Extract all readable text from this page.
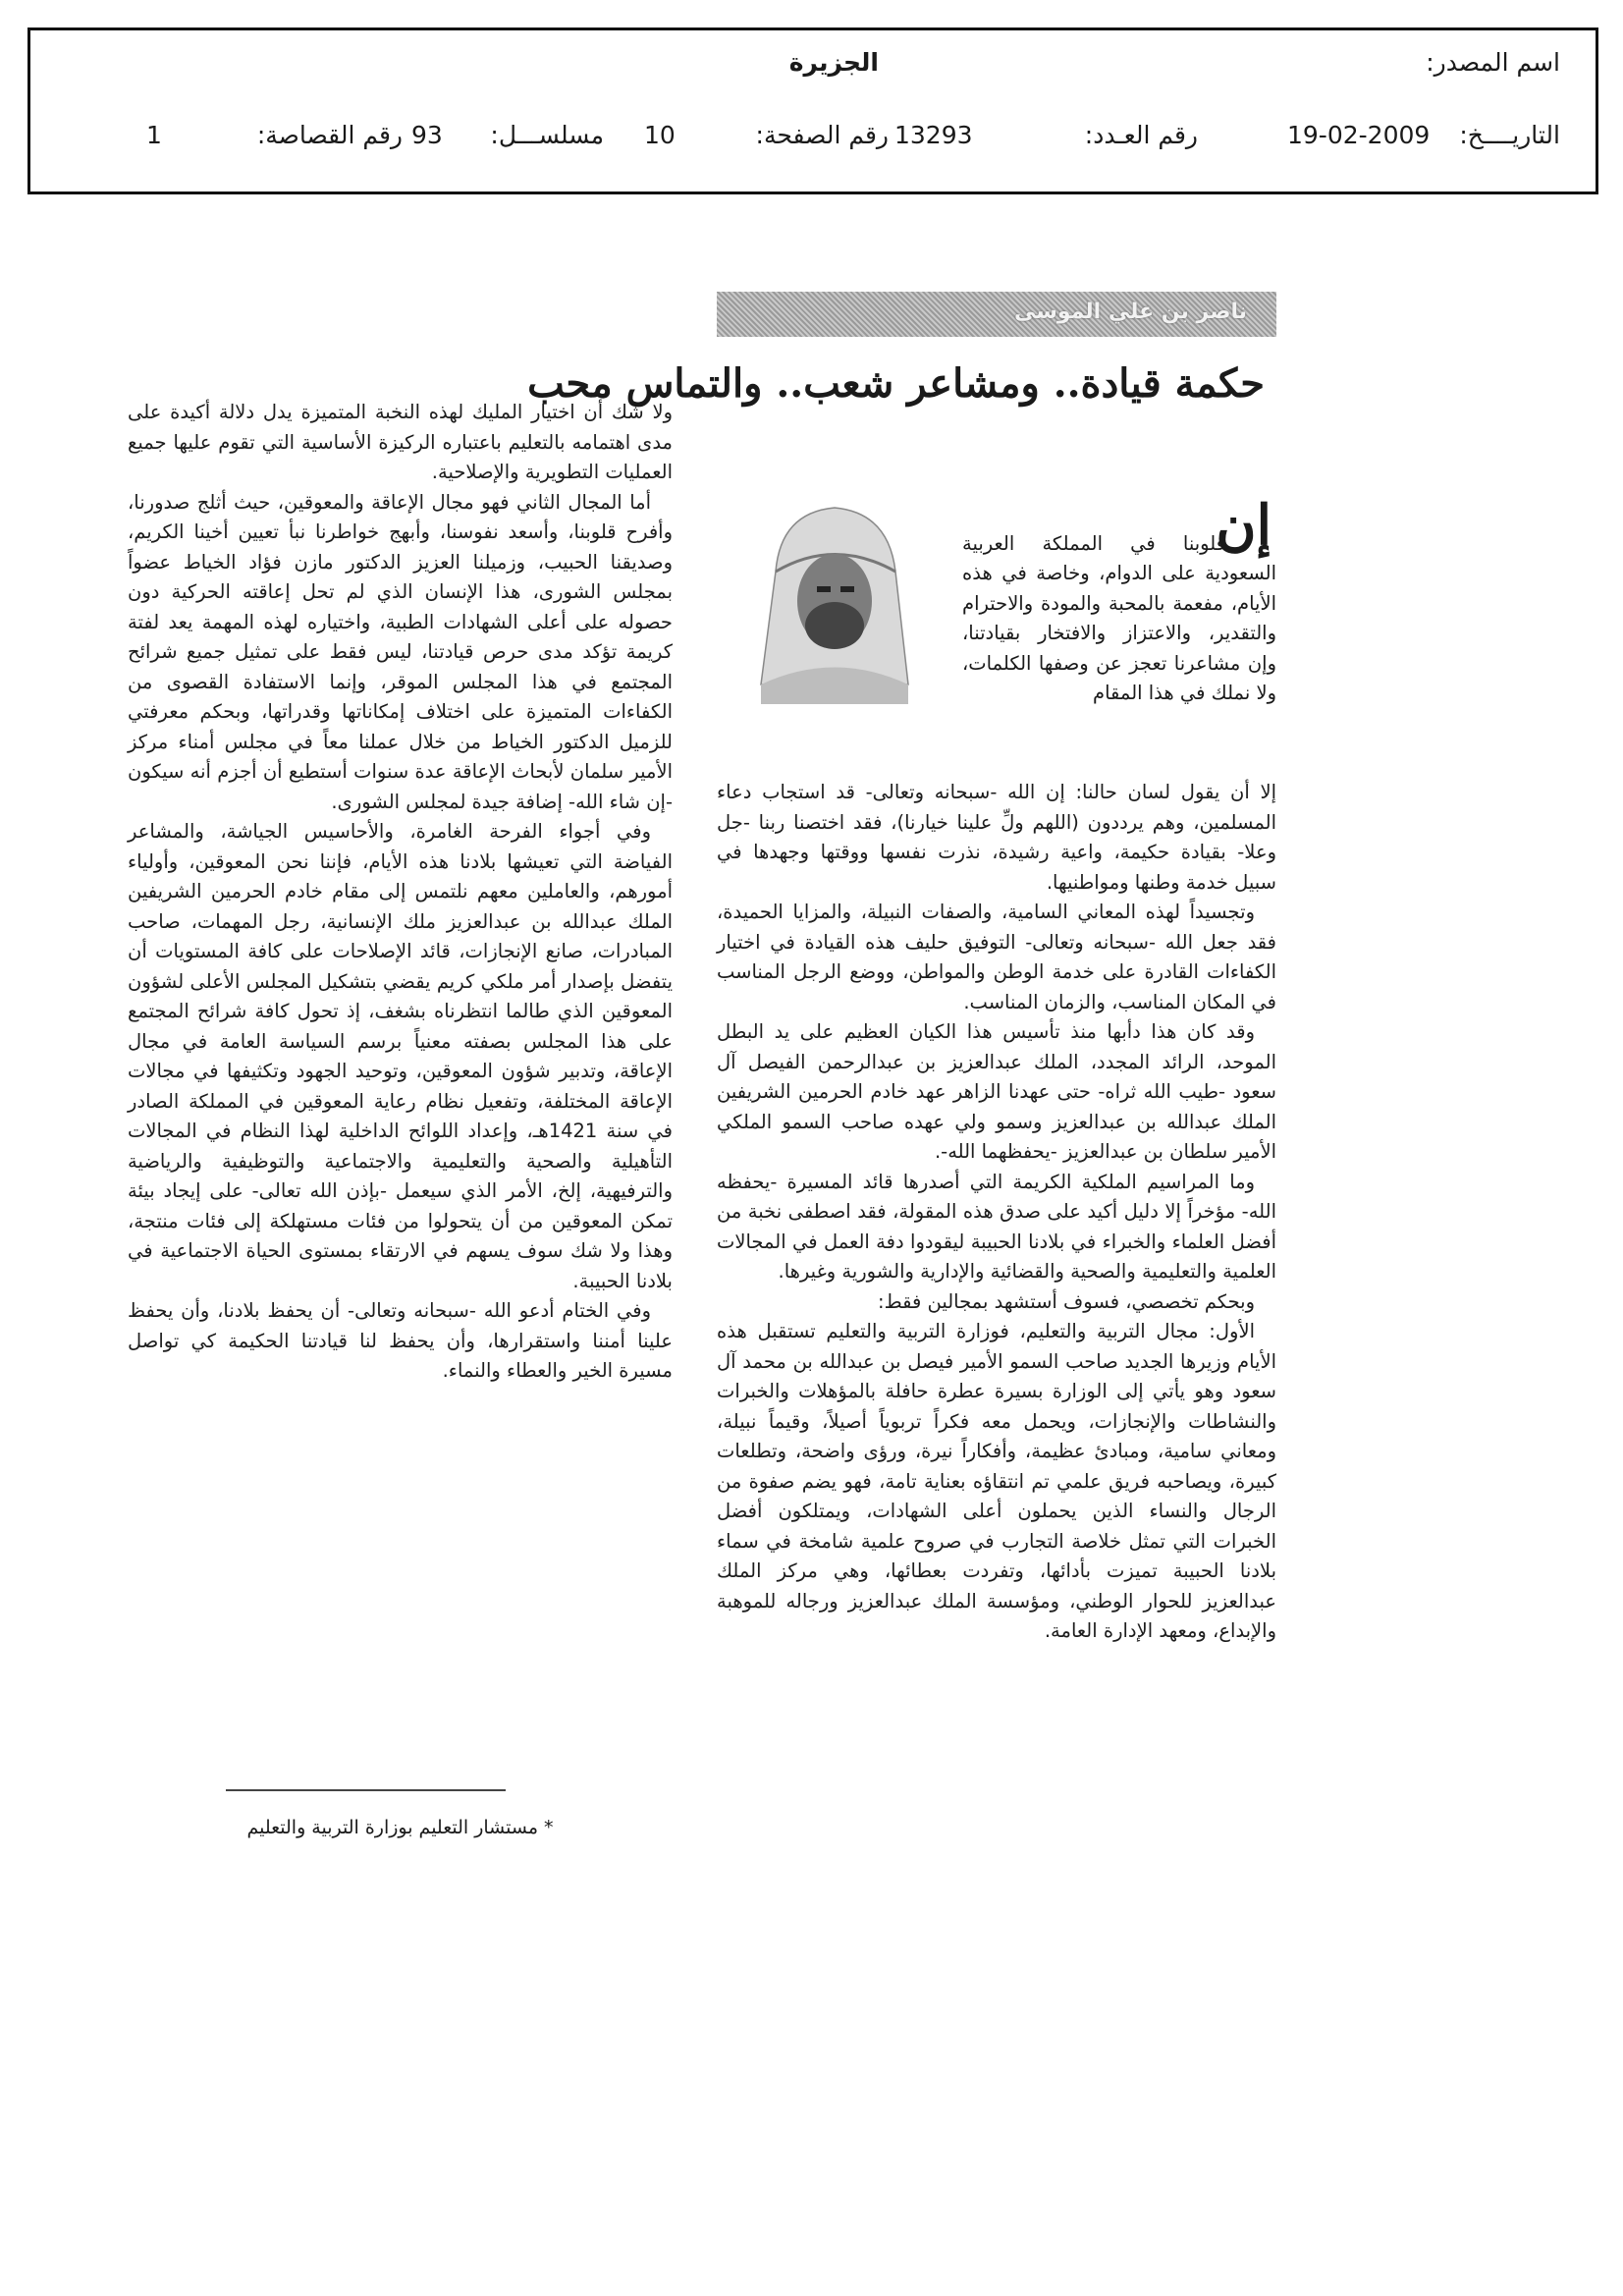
اسم المصدر:
الجزيرة
التاريــــخ:
19-02-2009
رقم العـدد:
13293
رقم الصفحة:
10
مسلســـل:
93
رقم القصاصة:
1
ناصر بن علي الموسى
حكمة قيادة.. ومشاعر شعب.. والتماس محب
إن

قلوبنا في المملكة العربية السعودية على الدوام، وخاصة في هذه الأيام، مفعمة بالمحبة والمودة والاحترام والتقدير، والاعتزاز والافتخار بقيادتنا، وإن مشاعرنا تعجز عن وصفها الكلمات، ولا نملك في هذا المقام

إلا أن يقول لسان حالنا: إن الله -سبحانه وتعالى- قد استجاب دعاء المسلمين، وهم يرددون (اللهم ولِّ علينا خيارنا)، فقد اختصنا ربنا -جل وعلا- بقيادة حكيمة، واعية رشيدة، نذرت نفسها ووقتها وجهدها في سبيل خدمة وطنها ومواطنيها.

وتجسيداً لهذه المعاني السامية، والصفات النبيلة، والمزايا الحميدة، فقد جعل الله -سبحانه وتعالى- التوفيق حليف هذه القيادة في اختيار الكفاءات القادرة على خدمة الوطن والمواطن، ووضع الرجل المناسب في المكان المناسب، والزمان المناسب.

وقد كان هذا دأبها منذ تأسيس هذا الكيان العظيم على يد البطل الموحد، الرائد المجدد، الملك عبدالعزيز بن عبدالرحمن الفيصل آل سعود -طيب الله ثراه- حتى عهدنا الزاهر عهد خادم الحرمين الشريفين الملك عبدالله بن عبدالعزيز وسمو ولي عهده صاحب السمو الملكي الأمير سلطان بن عبدالعزيز -يحفظهما الله-.

وما المراسيم الملكية الكريمة التي أصدرها قائد المسيرة -يحفظه الله- مؤخراً إلا دليل أكيد على صدق هذه المقولة، فقد اصطفى نخبة من أفضل العلماء والخبراء في بلادنا الحبيبة ليقودوا دفة العمل في المجالات العلمية والتعليمية والصحية والقضائية والإدارية والشورية وغيرها.

وبحكم تخصصي، فسوف أستشهد بمجالين فقط:

الأول: مجال التربية والتعليم، فوزارة التربية والتعليم تستقبل هذه الأيام وزيرها الجديد صاحب السمو الأمير فيصل بن عبدالله بن محمد آل سعود وهو يأتي إلى الوزارة بسيرة عطرة حافلة بالمؤهلات والخبرات والنشاطات والإنجازات، ويحمل معه فكراً تربوياً أصيلاً، وقيماً نبيلة، ومعاني سامية، ومبادئ عظيمة، وأفكاراً نيرة، ورؤى واضحة، وتطلعات كبيرة، ويصاحبه فريق علمي تم انتقاؤه بعناية تامة، فهو يضم صفوة من الرجال والنساء الذين يحملون أعلى الشهادات، ويمتلكون أفضل الخبرات التي تمثل خلاصة التجارب في صروح علمية شامخة في سماء بلادنا الحبيبة تميزت بأدائها، وتفردت بعطائها، وهي مركز الملك عبدالعزيز للحوار الوطني، ومؤسسة الملك عبدالعزيز ورجاله للموهبة والإبداع، ومعهد الإدارة العامة.

ولا شك أن اختيار المليك لهذه النخبة المتميزة يدل دلالة أكيدة على مدى اهتمامه بالتعليم باعتباره الركيزة الأساسية التي تقوم عليها جميع العمليات التطويرية والإصلاحية.

أما المجال الثاني فهو مجال الإعاقة والمعوقين، حيث أثلج صدورنا، وأفرح قلوبنا، وأسعد نفوسنا، وأبهج خواطرنا نبأ تعيين أخينا الكريم، وصديقنا الحبيب، وزميلنا العزيز الدكتور مازن فؤاد الخياط عضواً بمجلس الشورى، هذا الإنسان الذي لم تحل إعاقته الحركية دون حصوله على أعلى الشهادات الطبية، واختياره لهذه المهمة يعد لفتة كريمة تؤكد مدى حرص قيادتنا، ليس فقط على تمثيل جميع شرائح المجتمع في هذا المجلس الموقر، وإنما الاستفادة القصوى من الكفاءات المتميزة على اختلاف إمكاناتها وقدراتها، وبحكم معرفتي للزميل الدكتور الخياط من خلال عملنا معاً في مجلس أمناء مركز الأمير سلمان لأبحاث الإعاقة عدة سنوات أستطيع أن أجزم أنه سيكون -إن شاء الله- إضافة جيدة لمجلس الشورى.

وفي أجواء الفرحة الغامرة، والأحاسيس الجياشة، والمشاعر الفياضة التي تعيشها بلادنا هذه الأيام، فإننا نحن المعوقين، وأولياء أمورهم، والعاملين معهم نلتمس إلى مقام خادم الحرمين الشريفين الملك عبدالله بن عبدالعزيز ملك الإنسانية، رجل المهمات، صاحب المبادرات، صانع الإنجازات، قائد الإصلاحات على كافة المستويات أن يتفضل بإصدار أمر ملكي كريم يقضي بتشكيل المجلس الأعلى لشؤون المعوقين الذي طالما انتظرناه بشغف، إذ تحول كافة شرائح المجتمع على هذا المجلس بصفته معنياً برسم السياسة العامة في مجال الإعاقة، وتدبير شؤون المعوقين، وتوحيد الجهود وتكثيفها في مجالات الإعاقة المختلفة، وتفعيل نظام رعاية المعوقين في المملكة الصادر في سنة 1421هـ، وإعداد اللوائح الداخلية لهذا النظام في المجالات التأهيلية والصحية والتعليمية والاجتماعية والتوظيفية والرياضية والترفيهية، إلخ، الأمر الذي سيعمل -بإذن الله تعالى- على إيجاد بيئة تمكن المعوقين من أن يتحولوا من فئات مستهلكة إلى فئات منتجة، وهذا ولا شك سوف يسهم في الارتقاء بمستوى الحياة الاجتماعية في بلادنا الحبيبة.

وفي الختام أدعو الله -سبحانه وتعالى- أن يحفظ بلادنا، وأن يحفظ علينا أمننا واستقرارها، وأن يحفظ لنا قيادتنا الحكيمة كي تواصل مسيرة الخير والعطاء والنماء.

* مستشار التعليم بوزارة التربية والتعليم
